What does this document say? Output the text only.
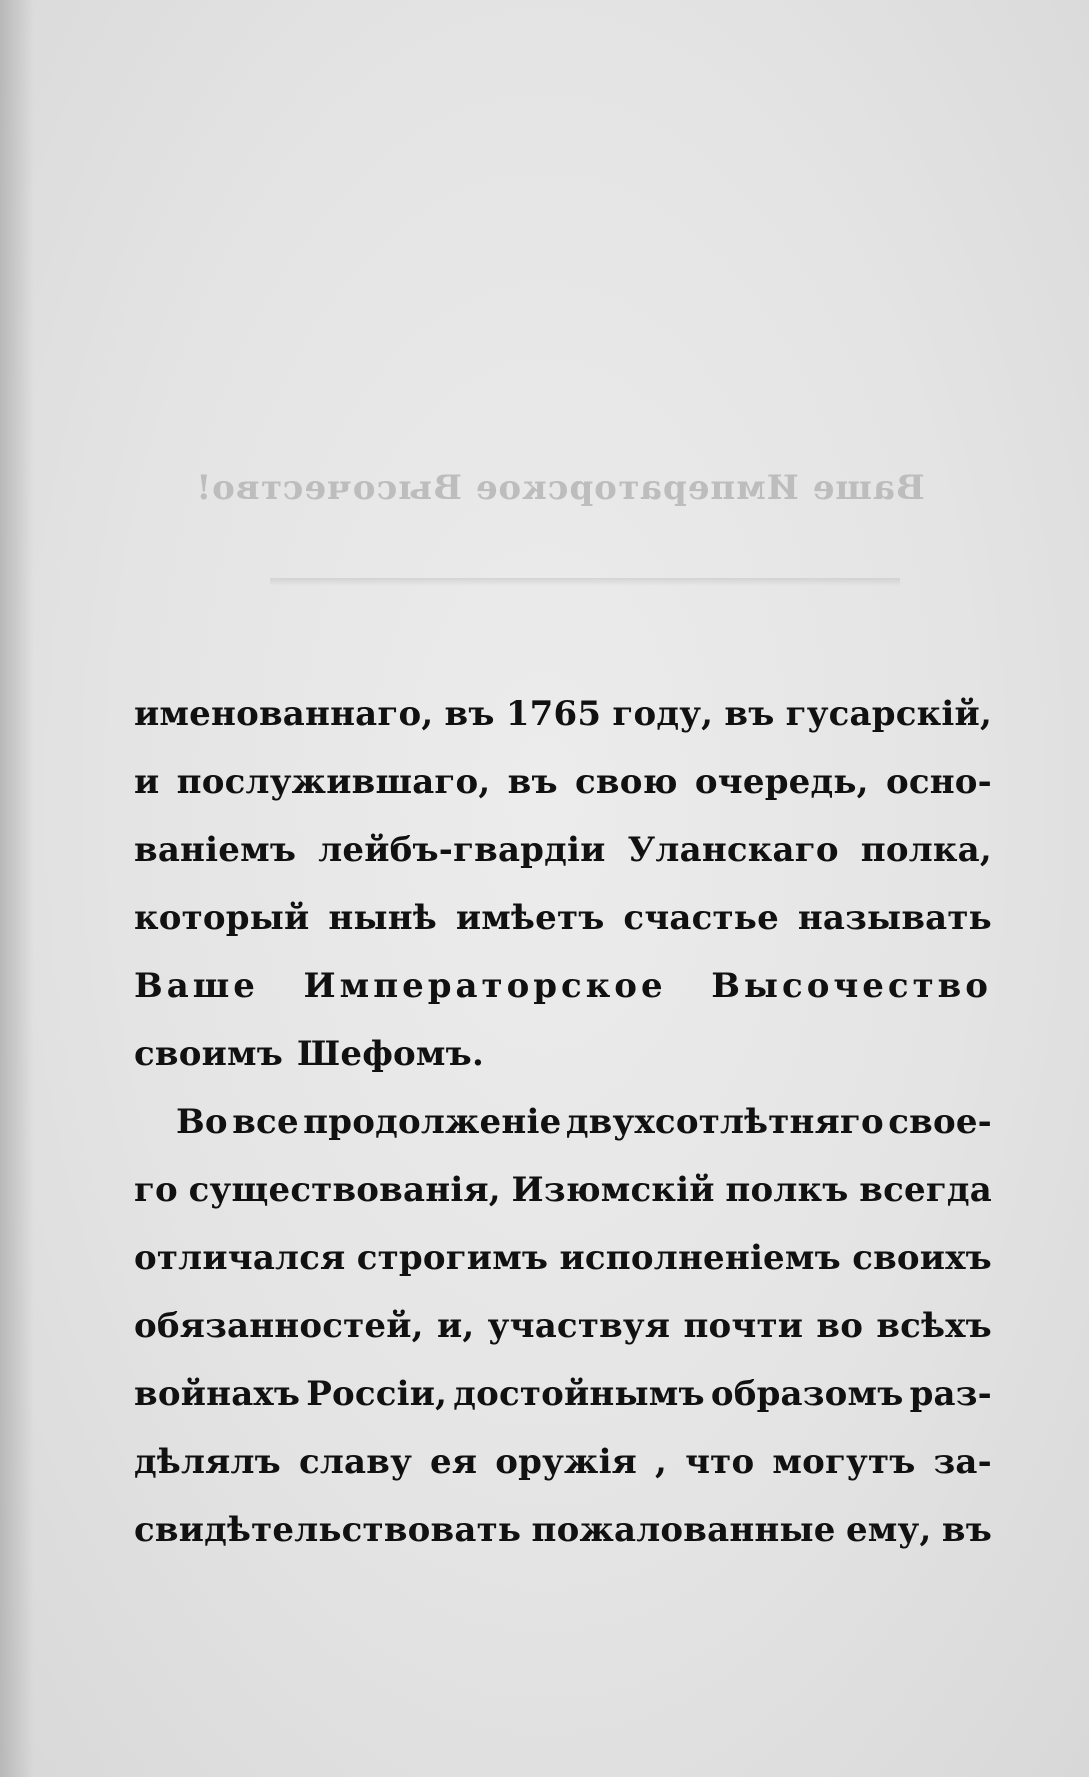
Ваше Императорское Высочество!
именованнаго, въ 1765 году, въ гусарскій,
и послужившаго, въ свою очередь, осно-
ваніемъ лейбъ-гвардіи Уланскаго полка,
который нынѣ имѣетъ счастье называть
Ваше Императорское Высочество
своимъ Шефомъ.
Во все продолженіе двухсотлѣтняго свое-
го существованія, Изюмскій полкъ всегда
отличался строгимъ исполненіемъ своихъ
обязанностей, и, участвуя почти во всѣхъ
войнахъ Россіи, достойнымъ образомъ раз-
дѣлялъ славу ея оружія , что могутъ за-
свидѣтельствовать пожалованные ему, въ
